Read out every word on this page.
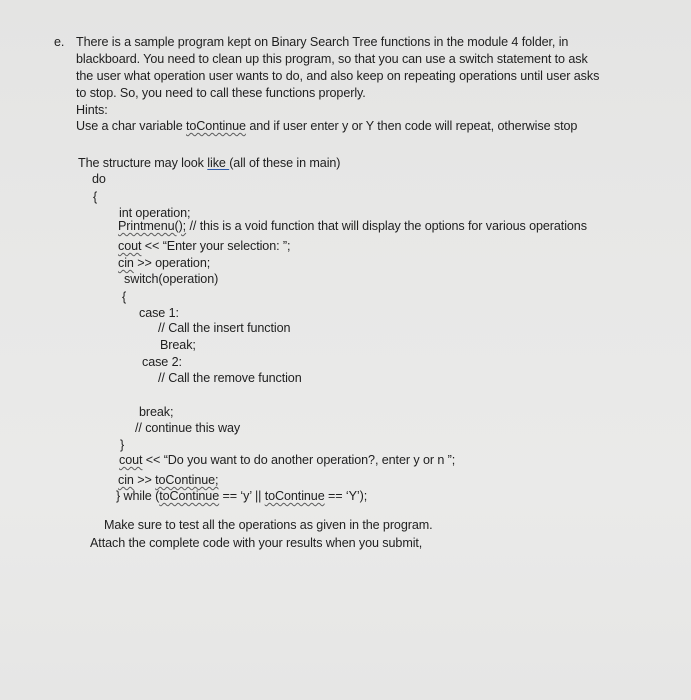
e. There is a sample program kept on Binary Search Tree functions in the module 4 folder, in
blackboard. You need to clean up this program, so that you can use a switch statement to ask
the user what operation user wants to do, and also keep on repeating operations until user asks
to stop. So, you need to call these functions properly.
Hints:
Use a char variable toContinue and if user enter y or Y then code will repeat, otherwise stop
The structure may look like (all of these in main)
do
{
int operation;
Printmenu(); // this is a void function that will display the options for various operations
cout << “Enter your selection: ”;
cin >> operation;
switch(operation)
{
case 1:
// Call the insert function
Break;
case 2:
// Call the remove function
break;
// continue this way
}
cout << “Do you want to do another operation?, enter y or n ”;
cin >> toContinue;
} while (toContinue == ‘y’ || toContinue == ‘Y’);
Make sure to test all the operations as given in the program.
Attach the complete code with your results when you submit,
